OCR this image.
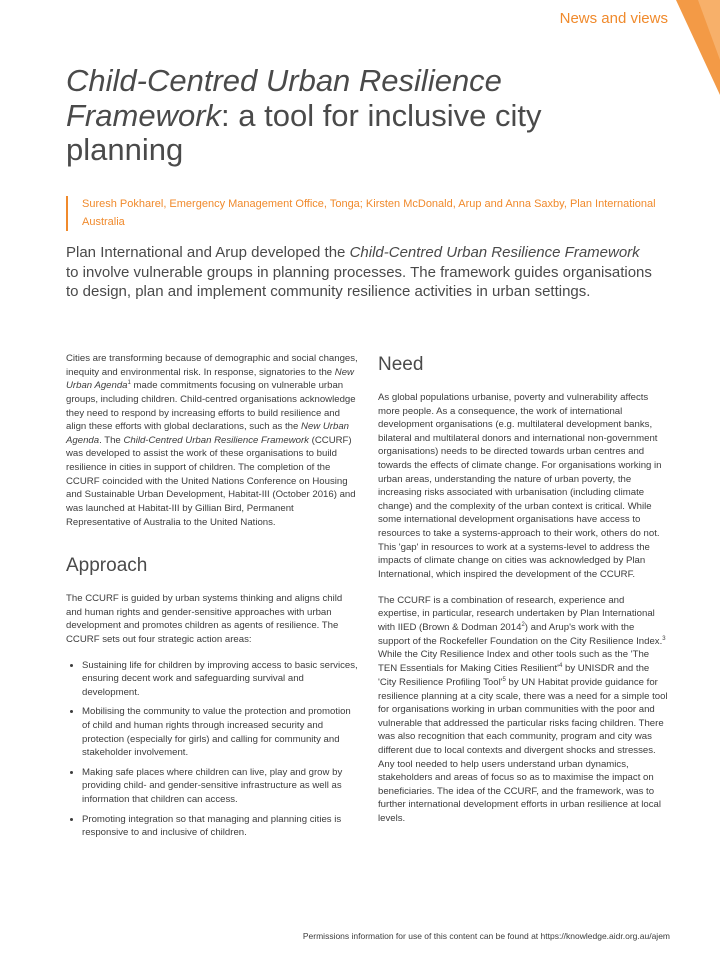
News and views
Child-Centred Urban Resilience Framework: a tool for inclusive city planning
Suresh Pokharel, Emergency Management Office, Tonga; Kirsten McDonald, Arup and Anna Saxby, Plan International Australia

Plan International and Arup developed the Child-Centred Urban Resilience Framework to involve vulnerable groups in planning processes. The framework guides organisations to design, plan and implement community resilience activities in urban settings.

Cities are transforming because of demographic and social changes, inequity and environmental risk. In response, signatories to the New Urban Agenda$^1$ made commitments focusing on vulnerable urban groups, including children. Child-centred organisations acknowledge they need to respond by increasing efforts to build resilience and align these efforts with global declarations, such as the New Urban Agenda. The Child-Centred Urban Resilience Framework (CCURF) was developed to assist the work of these organisations to build resilience in cities in support of children. The completion of the CCURF coincided with the United Nations Conference on Housing and Sustainable Urban Development, Habitat-III (October 2016) and was launched at Habitat-III by Gillian Bird, Permanent Representative of Australia to the United Nations.

Approach

The CCURF is guided by urban systems thinking and aligns child and human rights and gender-sensitive approaches with urban development and promotes children as agents of resilience. The CCURF sets out four strategic action areas:

• Sustaining life for children by improving access to basic services, ensuring decent work and safeguarding survival and development.
• Mobilising the community to value the protection and promotion of child and human rights through increased security and protection (especially for girls) and calling for community and stakeholder involvement.
• Making safe places where children can live, play and grow by providing child- and gender-sensitive infrastructure as well as information that children can access.
• Promoting integration so that managing and planning cities is responsive to and inclusive of children.
Need

As global populations urbanise, poverty and vulnerability affects more people. As a consequence, the work of international development organisations (e.g. multilateral development banks, bilateral and multilateral donors and international non-government organisations) needs to be directed towards urban centres and towards the effects of climate change. For organisations working in urban areas, understanding the nature of urban poverty, the increasing risks associated with urbanisation (including climate change) and the complexity of the urban context is critical. While some international development organisations have access to resources to take a systems-approach to their work, others do not. This 'gap' in resources to work at a systems-level to address the impacts of climate change on cities was acknowledged by Plan International, which inspired the development of the CCURF.

The CCURF is a combination of research, experience and expertise, in particular, research undertaken by Plan International with IIED (Brown & Dodman 2014$^2$) and Arup's work with the support of the Rockefeller Foundation on the City Resilience Index.$^3$ While the City Resilience Index and other tools such as the 'The TEN Essentials for Making Cities $Resilient'^4$ by UNISDR and the 'City Resilience Profiling $Tool'^5$ by UN Habitat provide guidance for resilience planning at a city scale, there was a need for a simple tool for organisations working in urban communities with the poor and vulnerable that addressed the particular risks facing children. There was also recognition that each community, program and city was different due to local contexts and divergent shocks and stresses. Any tool needed to help users understand urban dynamics, stakeholders and areas of focus so as to maximise the impact on beneficiaries. The idea of the CCURF, and the framework, was to further international development efforts in urban resilience at local levels.

Permissions information for use of this content can be found at https://knowledge.aidr.org.au/ajem
